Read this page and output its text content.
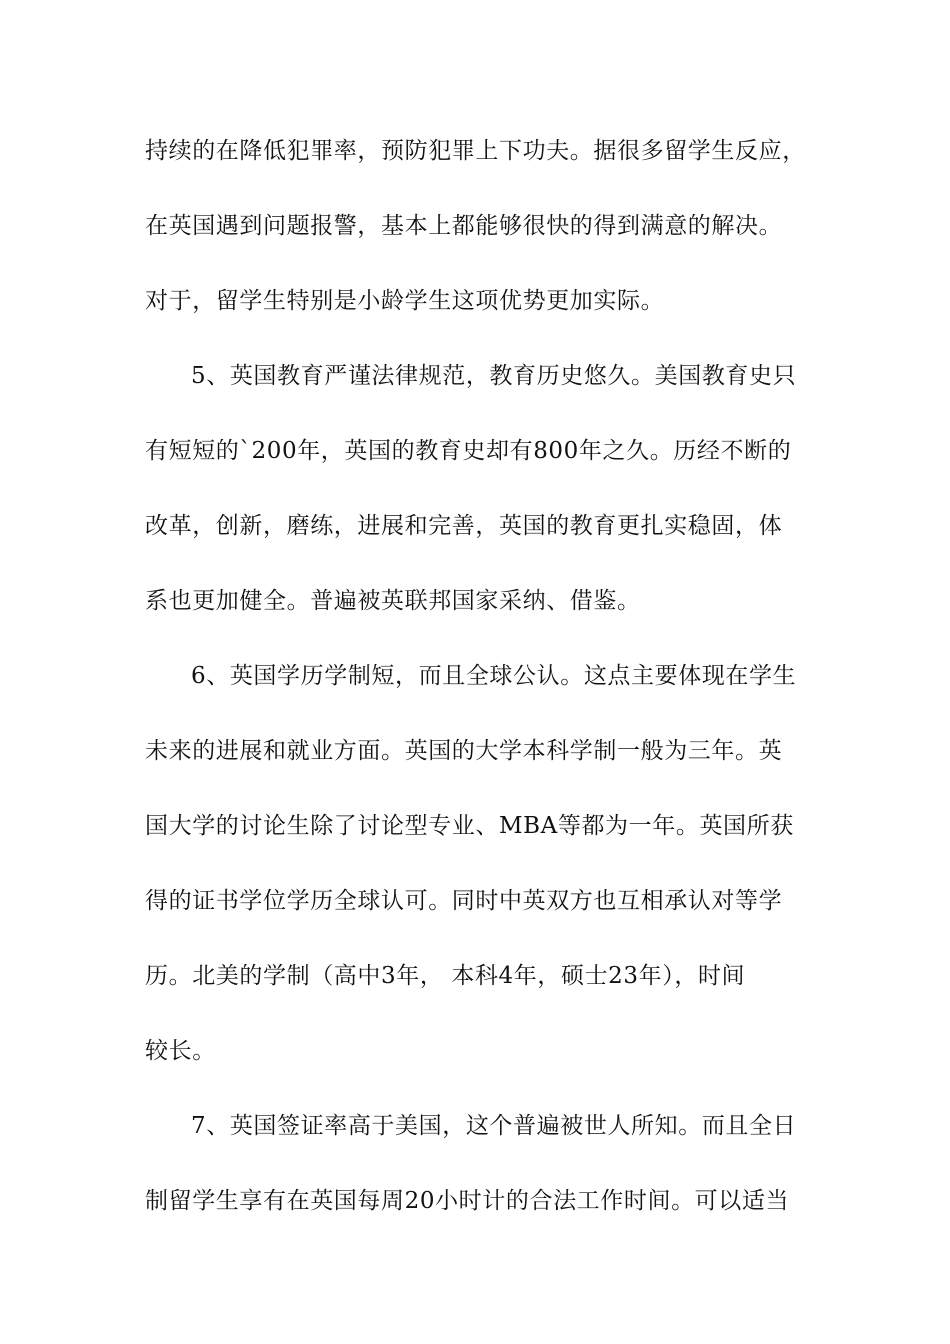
持续的在降低犯罪率，预防犯罪上下功夫。据很多留学生反应，
在英国遇到问题报警，基本上都能够很快的得到满意的解决。
对于，留学生特别是小龄学生这项优势更加实际。
5、英国教育严谨法律规范，教育历史悠久。美国教育史只
有短短的`200年，英国的教育史却有800年之久。历经不断的
改革，创新，磨练，进展和完善，英国的教育更扎实稳固，体
系也更加健全。普遍被英联邦国家采纳、借鉴。
6、英国学历学制短，而且全球公认。这点主要体现在学生
未来的进展和就业方面。英国的大学本科学制一般为三年。英
国大学的讨论生除了讨论型专业、MBA等都为一年。英国所获
得的证书学位学历全球认可。同时中英双方也互相承认对等学
历。北美的学制（高中3年， 本科4年，硕士23年），时间
较长。
7、英国签证率高于美国，这个普遍被世人所知。而且全日
制留学生享有在英国每周20小时计的合法工作时间。可以适当
